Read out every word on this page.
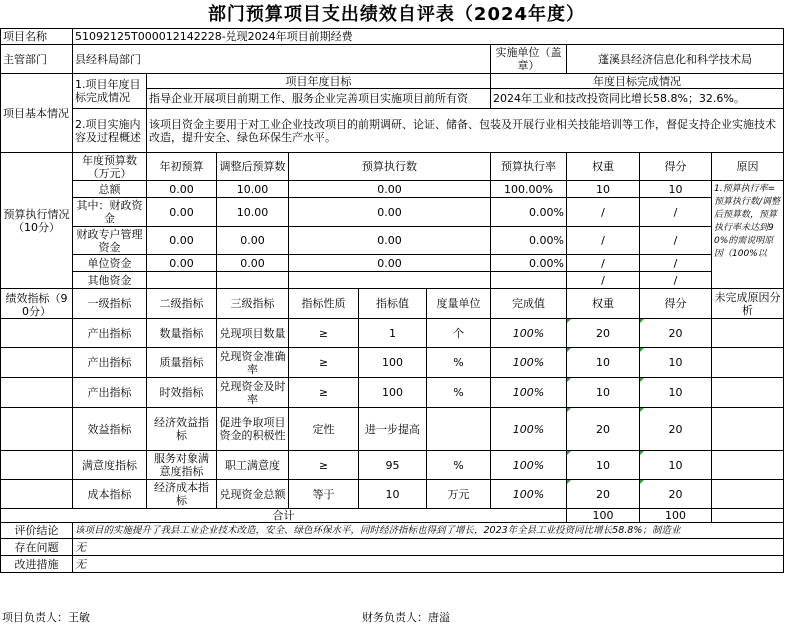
部门预算项目支出绩效自评表（2024年度）
项目名称	51092125T000012142228-兑现2024年项目前期经费									
主管部门	县经科局部门						实施单位（盖章）	蓬溪县经济信息化和科学技术局		
项目基本情况	1.项目年度目标完成情况	项目年度目标					年度目标完成情况			
		指导企业开展项目前期工作、服务企业完善项目实施项目前所有资					2024年工业和技改投资同比增长58.8%；32.6%。			
	2.项目实施内容及过程概述	该项目资金主要用于对工业企业技改项目的前期调研、论证、储备、包装及开展行业相关技能培训等工作，督促支持企业实施技术改造，提升安全、绿色环保生产水平。								
预算执行情况（10分）	年度预算数（万元）	年初预算	调整后预算数	预算执行数			预算执行率	权重	得分	原因
	总额	0.00	10.00	0.00			100.00%	10	10	1.预算执行率=预算执行数/调整后预算数，预算执行率未达到90%的需说明原因（100%以
	其中：财政资金	0.00	10.00	0.00			0.00%	/	/	
	财政专户管理资金	0.00	0.00	0.00			0.00%	/	/	
	单位资金	0.00	0.00	0.00			0.00%	/	/	
	其他资金							/	/	
绩效指标（90分）	一级指标	二级指标	三级指标	指标性质	指标值	度量单位	完成值	权重	得分	未完成原因分析
	产出指标	数量指标	兑现项目数量	≥	1	个	100%	20	20	
	产出指标	质量指标	兑现资金准确率	≥	100	%	100%	10	10	
	产出指标	时效指标	兑现资金及时率	≥	100	%	100%	10	10	
	效益指标	经济效益指标	促进争取项目资金的积极性	定性	进一步提高		100%	20	20	
	满意度指标	服务对象满意度指标	职工满意度	≥	95	%	100%	10	10	
	成本指标	经济成本指标	兑现资金总额	等于	10	万元	100%	20	20	
合计								100	100	
评价结论	该项目的实施提升了我县工业企业技术改造，安全、绿色环保水平，同时经济指标也得到了增长，2023年全县工业投资同比增长58.8%；制造业									
存在问题	无									
改进措施	无									
项目负责人：王敏	财务负责人：唐溢
